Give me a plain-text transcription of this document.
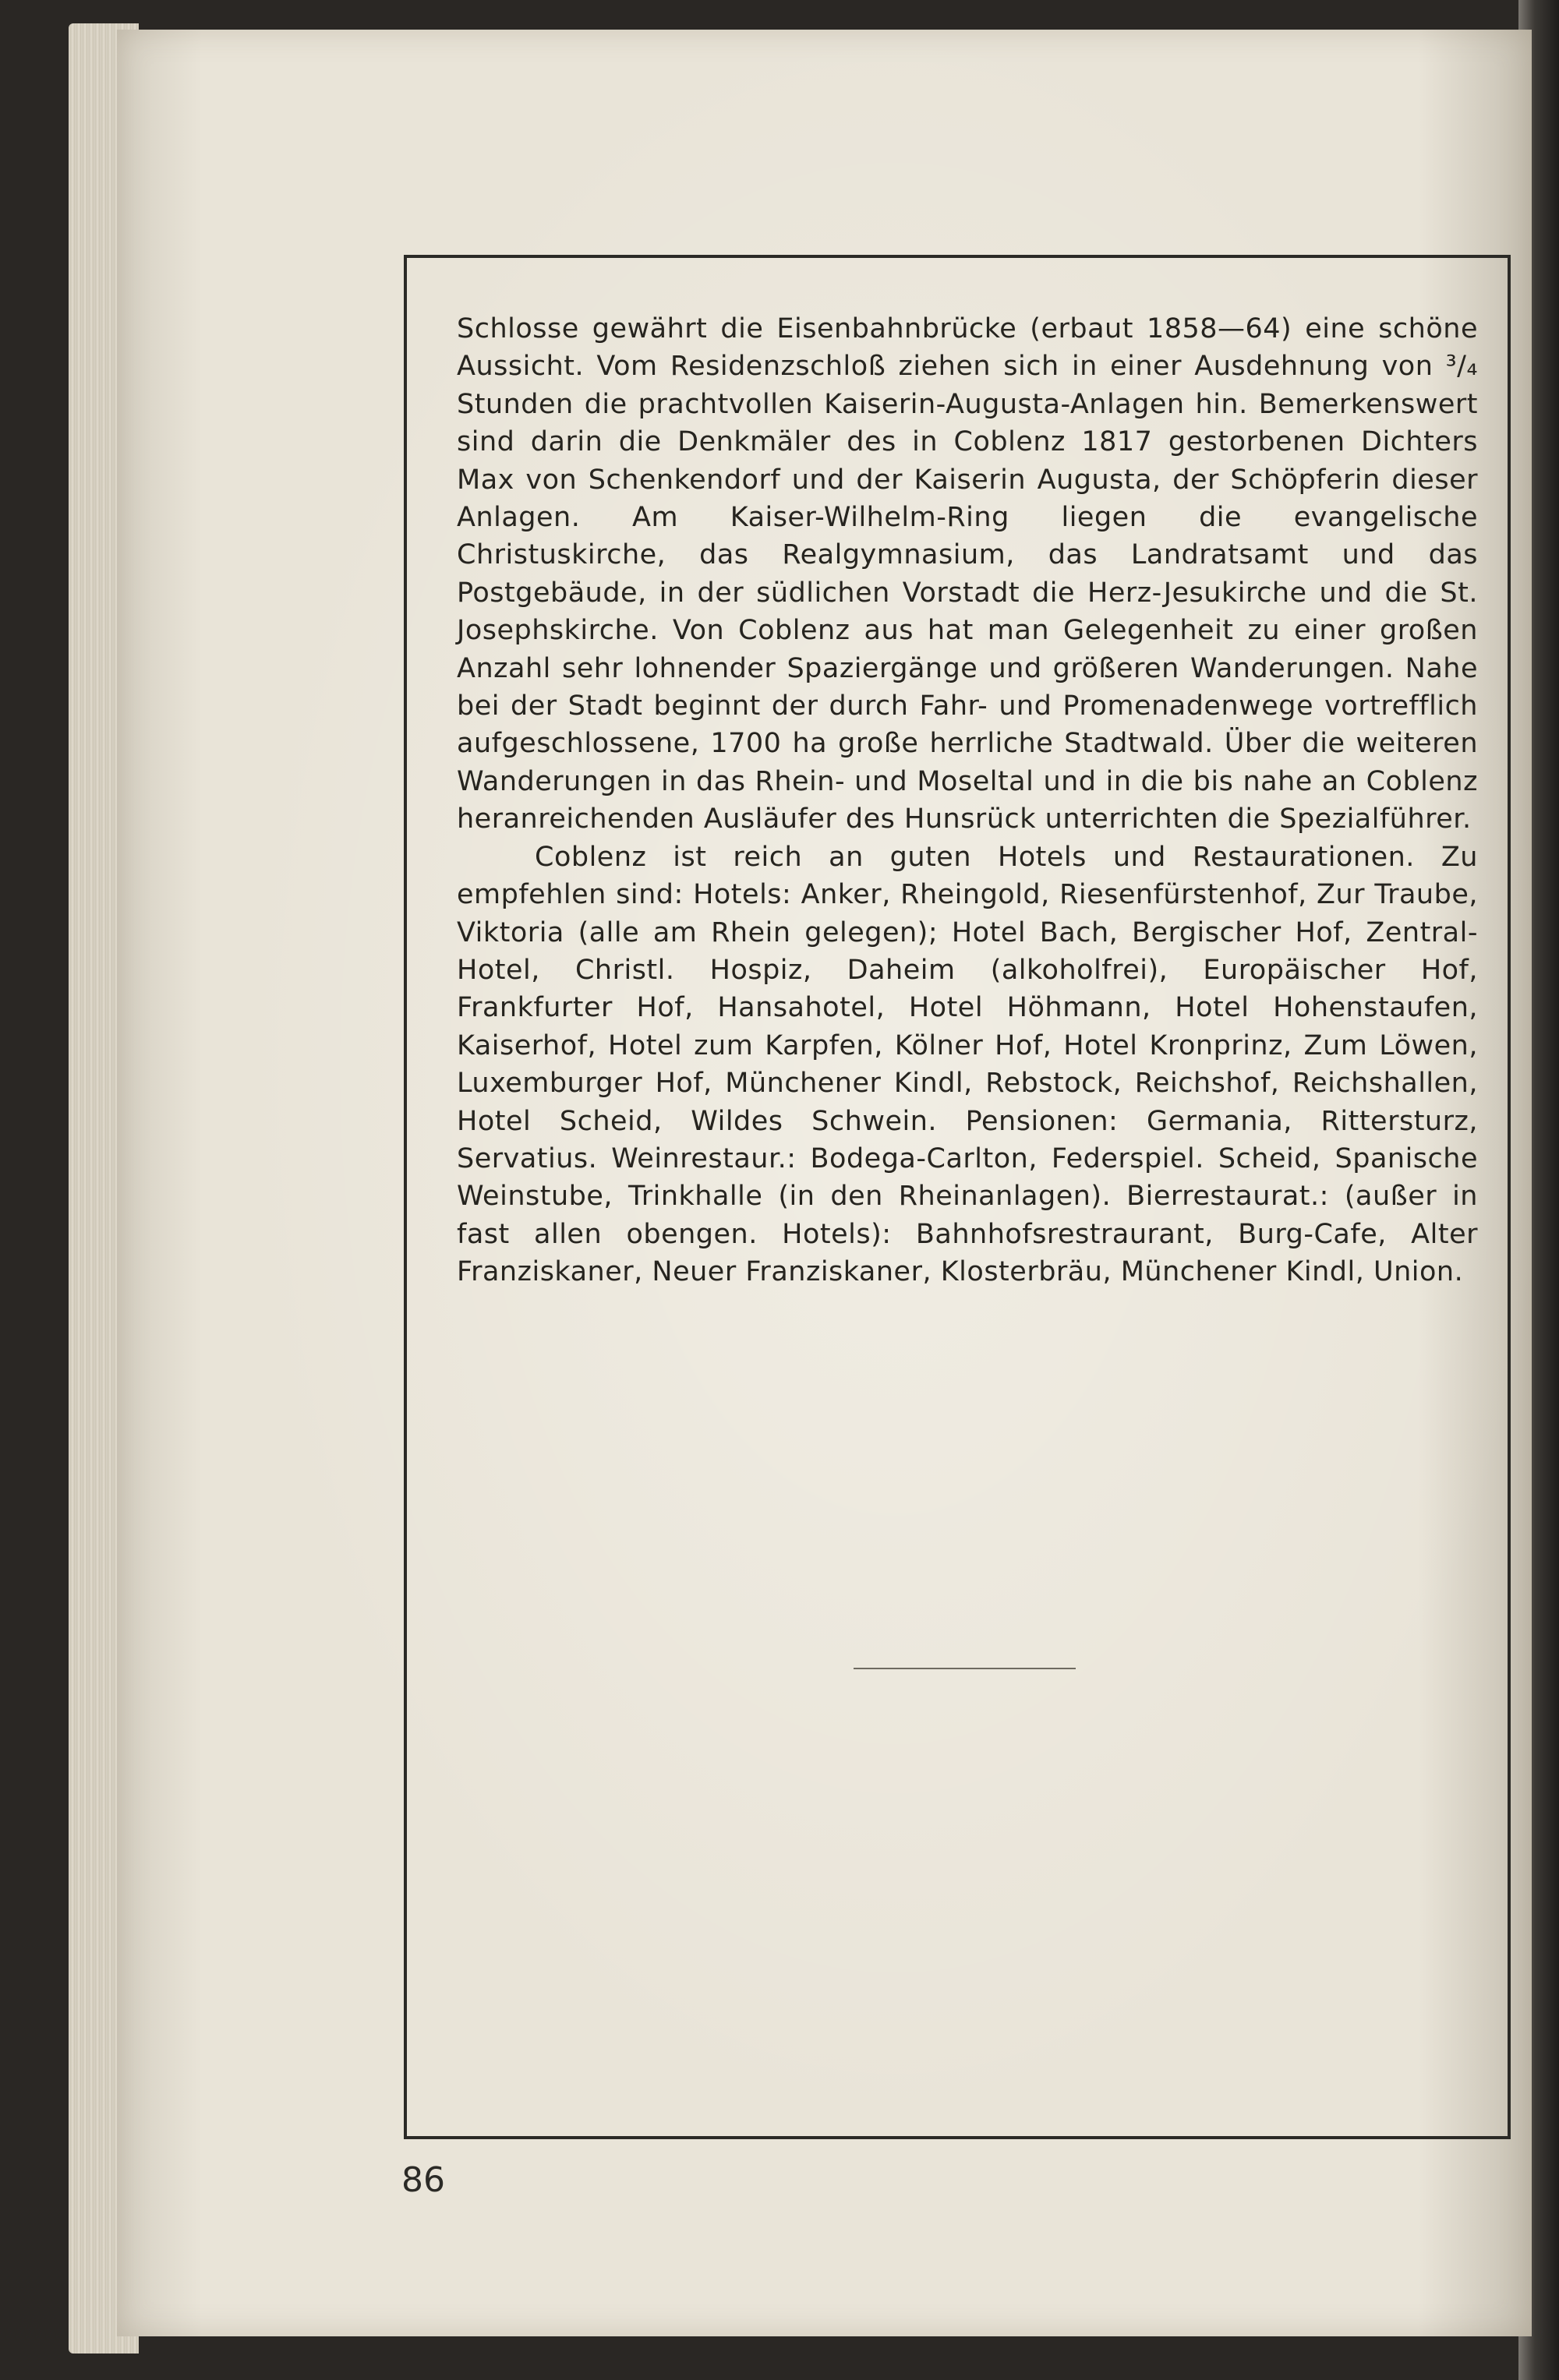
Schlosse gewährt die Eisenbahnbrücke (erbaut 1858—64) eine schöne Aussicht. Vom Residenzschloß ziehen sich in einer Ausdehnung von ³/₄ Stunden die prachtvollen Kaiserin-Augusta-Anlagen hin. Bemerkenswert sind darin die Denkmäler des in Coblenz 1817 gestorbenen Dichters Max von Schenkendorf und der Kaiserin Augusta, der Schöpferin dieser Anlagen. Am Kaiser-Wilhelm-Ring liegen die evangelische Christuskirche, das Realgymnasium, das Landratsamt und das Postgebäude, in der südlichen Vorstadt die Herz-Jesukirche und die St. Josephskirche. Von Coblenz aus hat man Gelegenheit zu einer großen Anzahl sehr lohnender Spaziergänge und größeren Wanderungen. Nahe bei der Stadt beginnt der durch Fahr- und Promenadenwege vortrefflich aufgeschlossene, 1700 ha große herrliche Stadtwald. Über die weiteren Wanderungen in das Rhein- und Moseltal und in die bis nahe an Coblenz heranreichenden Ausläufer des Hunsrück unterrichten die Spezialführer.

Coblenz ist reich an guten Hotels und Restaurationen. Zu empfehlen sind: Hotels: Anker, Rheingold, Riesenfürstenhof, Zur Traube, Viktoria (alle am Rhein gelegen); Hotel Bach, Bergischer Hof, Zentral-Hotel, Christl. Hospiz, Daheim (alkoholfrei), Europäischer Hof, Frankfurter Hof, Hansahotel, Hotel Höhmann, Hotel Hohenstaufen, Kaiserhof, Hotel zum Karpfen, Kölner Hof, Hotel Kronprinz, Zum Löwen, Luxemburger Hof, Münchener Kindl, Rebstock, Reichshof, Reichshallen, Hotel Scheid, Wildes Schwein. Pensionen: Germania, Rittersturz, Servatius. Weinrestaur.: Bodega-Carlton, Federspiel. Scheid, Spanische Weinstube, Trinkhalle (in den Rheinanlagen). Bierrestaurat.: (außer in fast allen obengen. Hotels): Bahnhofsrestraurant, Burg-Cafe, Alter Franziskaner, Neuer Franziskaner, Klosterbräu, Münchener Kindl, Union.

86
